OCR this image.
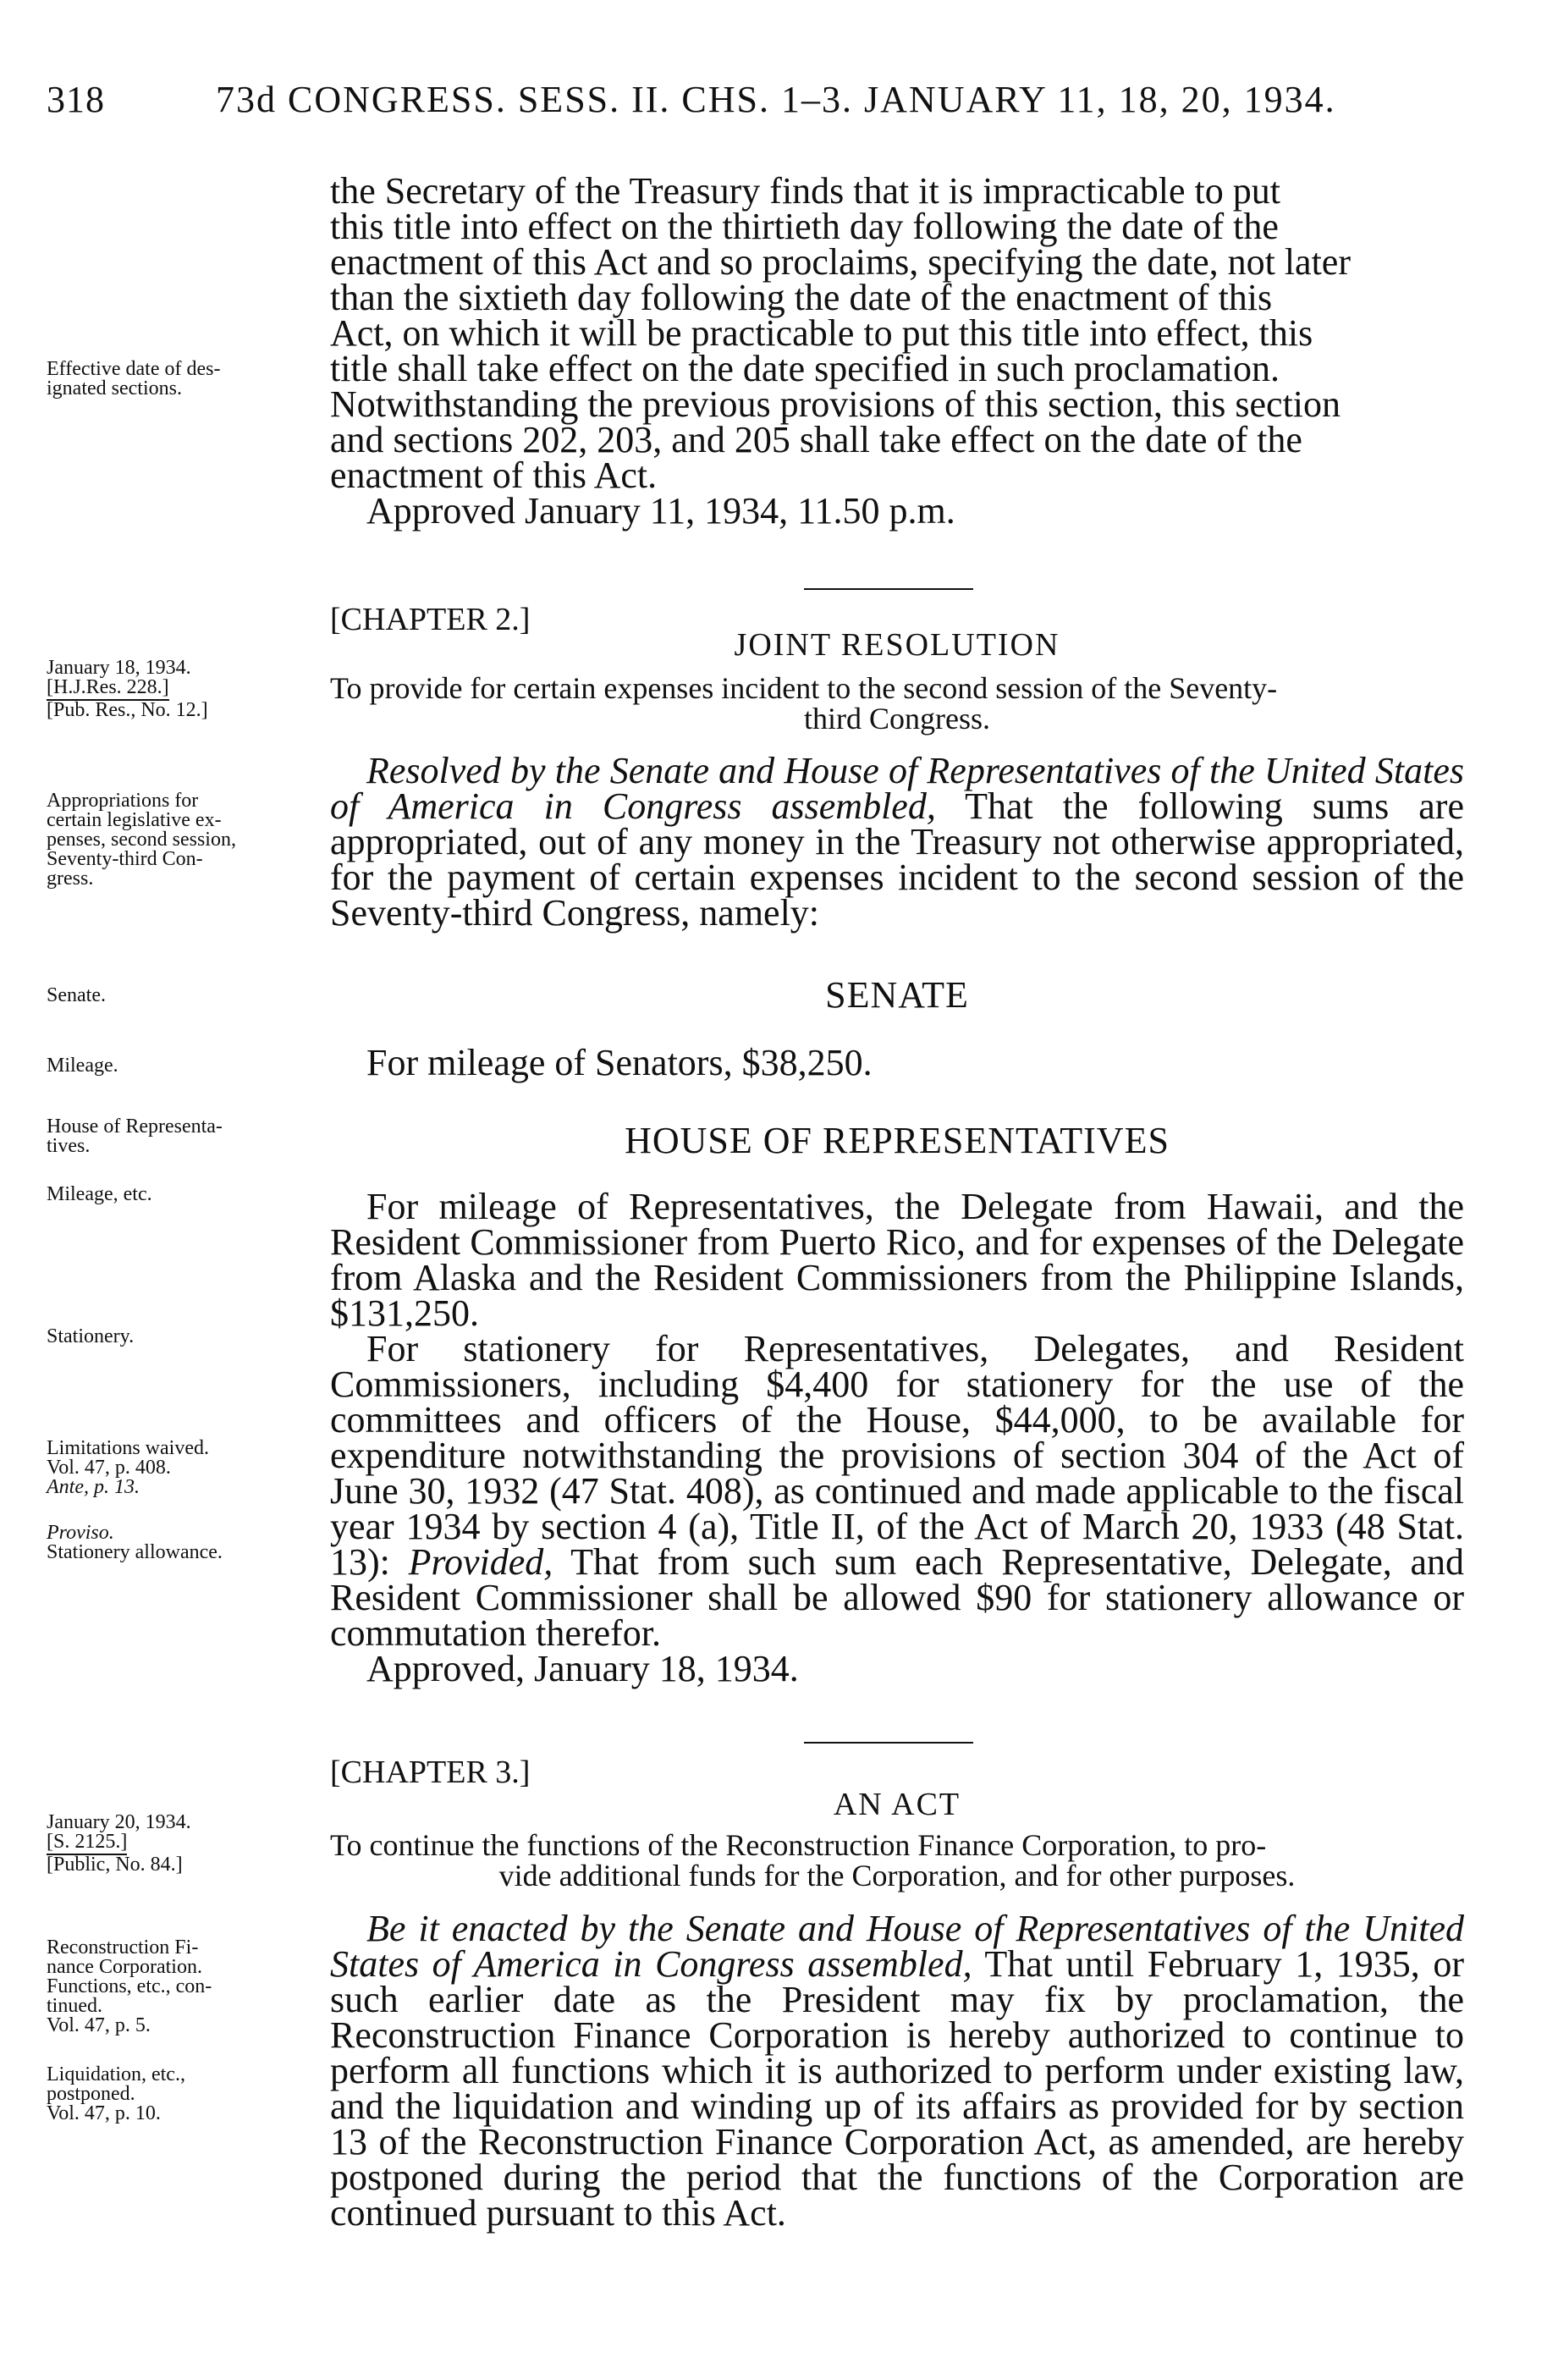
318	73d CONGRESS. SESS. II. CHS. 1–3. JANUARY 11, 18, 20, 1934.

the Secretary of the Treasury finds that it is impracticable to put

this title into effect on the thirtieth day following the date of the

enactment of this Act and so proclaims, specifying the date, not later

than the sixtieth day following the date of the enactment of this

Act, on which it will be practicable to put this title into effect, this

title shall take effect on the date specified in such proclamation.

Notwithstanding the previous provisions of this section, this section

and sections 202, 203, and 205 shall take effect on the date of the

enactment of this Act.

Approved January 11, 1934, 11.50 p.m.

Effective date of des-
ignated sections.
[CHAPTER 2.]
JOINT RESOLUTION
To provide for certain expenses incident to the second session of the Seventy-
third Congress.
January 18, 1934.
[H.J.Res. 228.]
[Pub. Res., No. 12.]

Resolved by the Senate and House of Representatives of the United States of America in Congress assembled, That the following sums are appropriated, out of any money in the Treasury not otherwise appropriated, for the payment of certain expenses incident to the second session of the Seventy-third Congress, namely:

Appropriations for
certain legislative ex-
penses, second session,
Seventy-third Con-
gress.
SENATE
Senate.

For mileage of Senators, $38,250.

Mileage.
HOUSE OF REPRESENTATIVES
House of Representa-
tives.

For mileage of Representatives, the Delegate from Hawaii, and the Resident Commissioner from Puerto Rico, and for expenses of the Delegate from Alaska and the Resident Commissioners from the Philippine Islands, $131,250.

For stationery for Representatives, Delegates, and Resident Commissioners, including $4,400 for stationery for the use of the committees and officers of the House, $44,000, to be available for expenditure notwithstanding the provisions of section 304 of the Act of June 30, 1932 (47 Stat. 408), as continued and made applicable to the fiscal year 1934 by section 4 (a), Title II, of the Act of March 20, 1933 (48 Stat. 13): Provided, That from such sum each Representative, Delegate, and Resident Commissioner shall be allowed $90 for stationery allowance or commutation therefor.

Approved, January 18, 1934.

Mileage, etc.
Stationery.
Limitations waived.
Vol. 47, p. 408.
Ante, p. 13.
Proviso.
Stationery allowance.
[CHAPTER 3.]
AN ACT
To continue the functions of the Reconstruction Finance Corporation, to pro-
vide additional funds for the Corporation, and for other purposes.
January 20, 1934.
[S. 2125.]
[Public, No. 84.]

Be it enacted by the Senate and House of Representatives of the United States of America in Congress assembled, That until February 1, 1935, or such earlier date as the President may fix by proclamation, the Reconstruction Finance Corporation is hereby authorized to continue to perform all functions which it is authorized to perform under existing law, and the liquidation and winding up of its affairs as provided for by section 13 of the Reconstruction Finance Corporation Act, as amended, are hereby postponed during the period that the functions of the Corporation are continued pursuant to this Act.

Reconstruction Fi-
nance Corporation.
Functions, etc., con-
tinued.
Vol. 47, p. 5.
Liquidation, etc.,
postponed.
Vol. 47, p. 10.
